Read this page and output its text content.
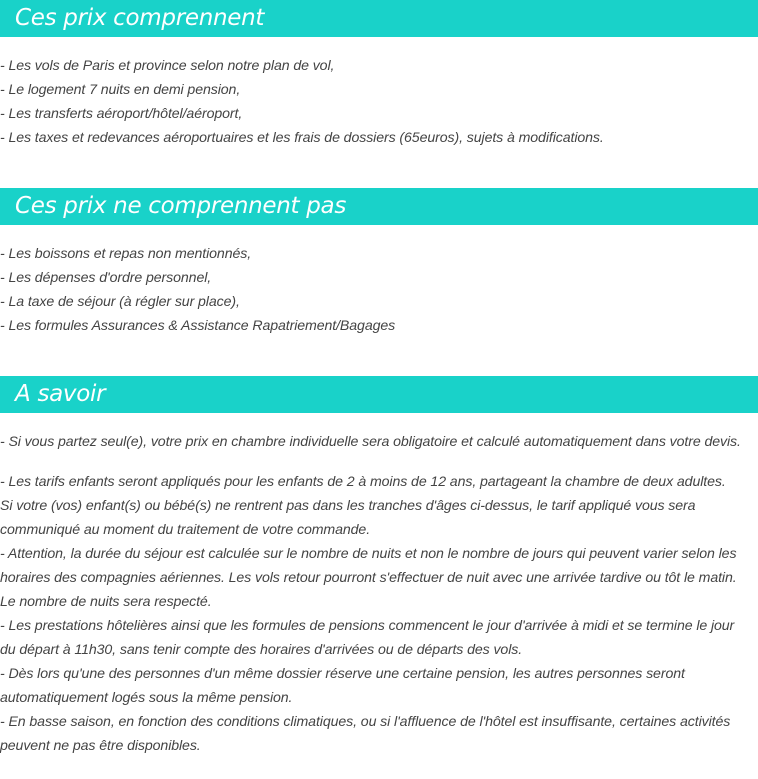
Ces prix comprennent
- Les vols de Paris et province selon notre plan de vol,
- Le logement 7 nuits en demi pension,
- Les transferts aéroport/hôtel/aéroport,
- Les taxes et redevances aéroportuaires et les frais de dossiers (65euros), sujets à modifications.
Ces prix ne comprennent pas
- Les boissons et repas non mentionnés,
- Les dépenses d'ordre personnel,
- La taxe de séjour (à régler sur place),
- Les formules Assurances & Assistance Rapatriement/Bagages
A savoir
- Si vous partez seul(e), votre prix en chambre individuelle sera obligatoire et calculé automatiquement dans votre devis.
- Les tarifs enfants seront appliqués pour les enfants de 2 à moins de 12 ans, partageant la chambre de deux adultes.
Si votre (vos) enfant(s) ou bébé(s) ne rentrent pas dans les tranches d'âges ci-dessus, le tarif appliqué vous sera
communiqué au moment du traitement de votre commande.
- Attention, la durée du séjour est calculée sur le nombre de nuits et non le nombre de jours qui peuvent varier selon les
horaires des compagnies aériennes. Les vols retour pourront s'effectuer de nuit avec une arrivée tardive ou tôt le matin.
Le nombre de nuits sera respecté.
- Les prestations hôtelières ainsi que les formules de pensions commencent le jour d'arrivée à midi et se termine le jour
du départ à 11h30, sans tenir compte des horaires d'arrivées ou de départs des vols.
- Dès lors qu'une des personnes d'un même dossier réserve une certaine pension, les autres personnes seront
automatiquement logés sous la même pension.
- En basse saison, en fonction des conditions climatiques, ou si l'affluence de l'hôtel est insuffisante, certaines activités
peuvent ne pas être disponibles.
